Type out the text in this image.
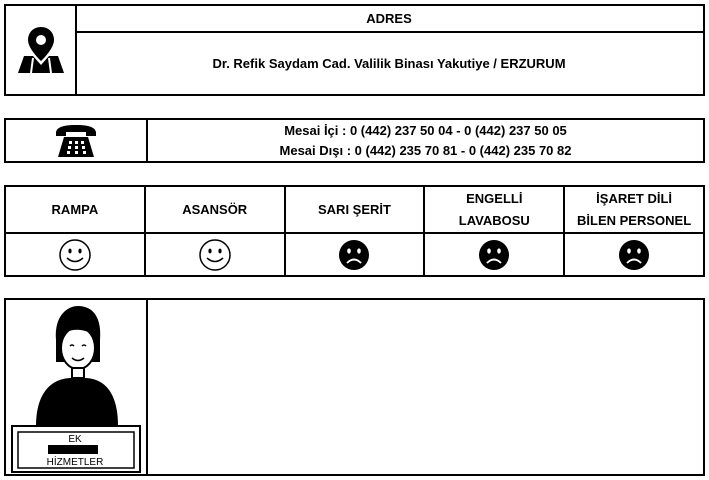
ADRES
Dr. Refik Saydam Cad. Valilik Binası Yakutiye / ERZURUM
Mesai İçi : 0 (442) 237 50 04 - 0 (442) 237 50 05
Mesai Dışı : 0 (442) 235 70 81 - 0 (442) 235 70 82
RAMPA	ASANSÖR	SARI ŞERİT
ENGELLİ
LAVABOSU
İŞARET DİLİ
BİLEN PERSONEL
EK
HİZMETLER
